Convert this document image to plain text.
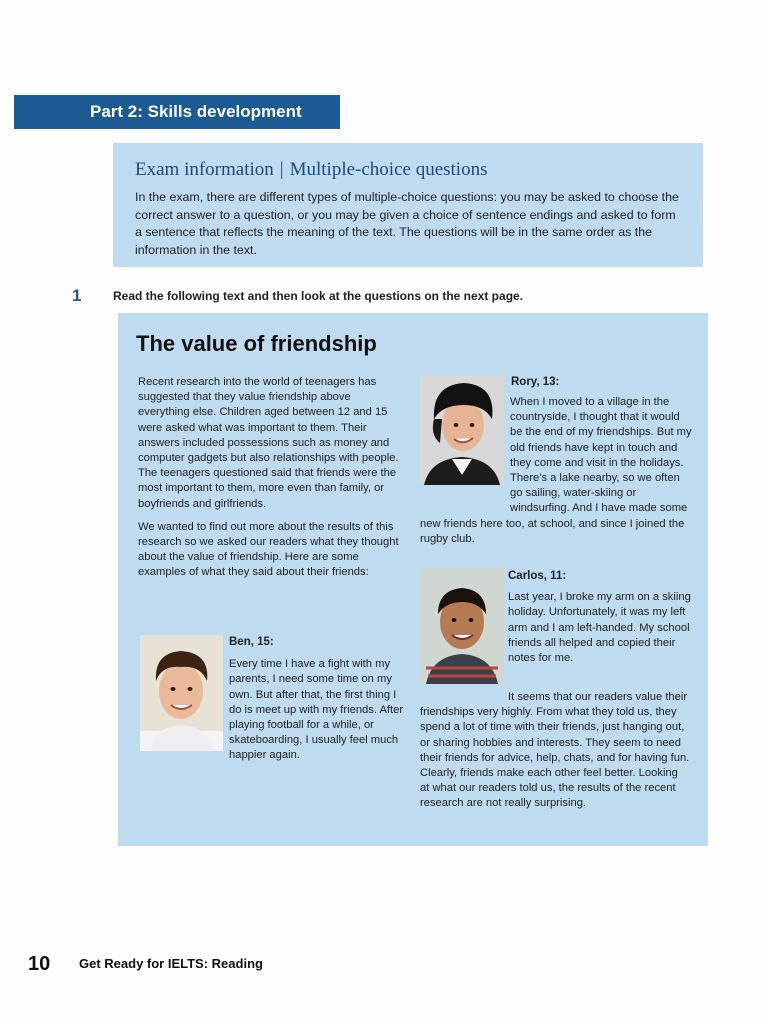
Part 2: Skills development
Exam information | Multiple-choice questions

In the exam, there are different types of multiple-choice questions: you may be asked to choose the correct answer to a question, or you may be given a choice of sentence endings and asked to form a sentence that reflects the meaning of the text. The questions will be in the same order as the information in the text.

1	Read the following text and then look at the questions on the next page.
The value of friendship

Recent research into the world of teenagers has suggested that they value friendship above everything else. Children aged between 12 and 15 were asked what was important to them. Their answers included possessions such as money and computer gadgets but also relationships with people. The teenagers questioned said that friends were the most important to them, more even than family, or boyfriends and girlfriends.

We wanted to find out more about the results of this research so we asked our readers what they thought about the value of friendship. Here are some examples of what they said about their friends:

Ben, 15:

Every time I have a fight with my parents, I need some time on my own. But after that, the first thing I do is meet up with my friends. After playing football for a while, or skateboarding, I usually feel much happier again.

Rory, 13:

When I moved to a village in the countryside, I thought that it would be the end of my friendships. But my old friends have kept in touch and they come and visit in the holidays. There's a lake nearby, so we often go sailing, water-skiing or windsurfing. And I have made some new friends here too, at school, and since I joined the rugby club.

Carlos, 11:

Last year, I broke my arm on a skiing holiday. Unfortunately, it was my left arm and I am left-handed. My school friends all helped and copied their notes for me.

It seems that our readers value their friendships very highly. From what they told us, they spend a lot of time with their friends, just hanging out, or sharing hobbies and interests. They seem to need their friends for advice, help, chats, and for having fun. Clearly, friends make each other feel better. Looking at what our readers told us, the results of the recent research are not really surprising.

10 Get Ready for IELTS: Reading
